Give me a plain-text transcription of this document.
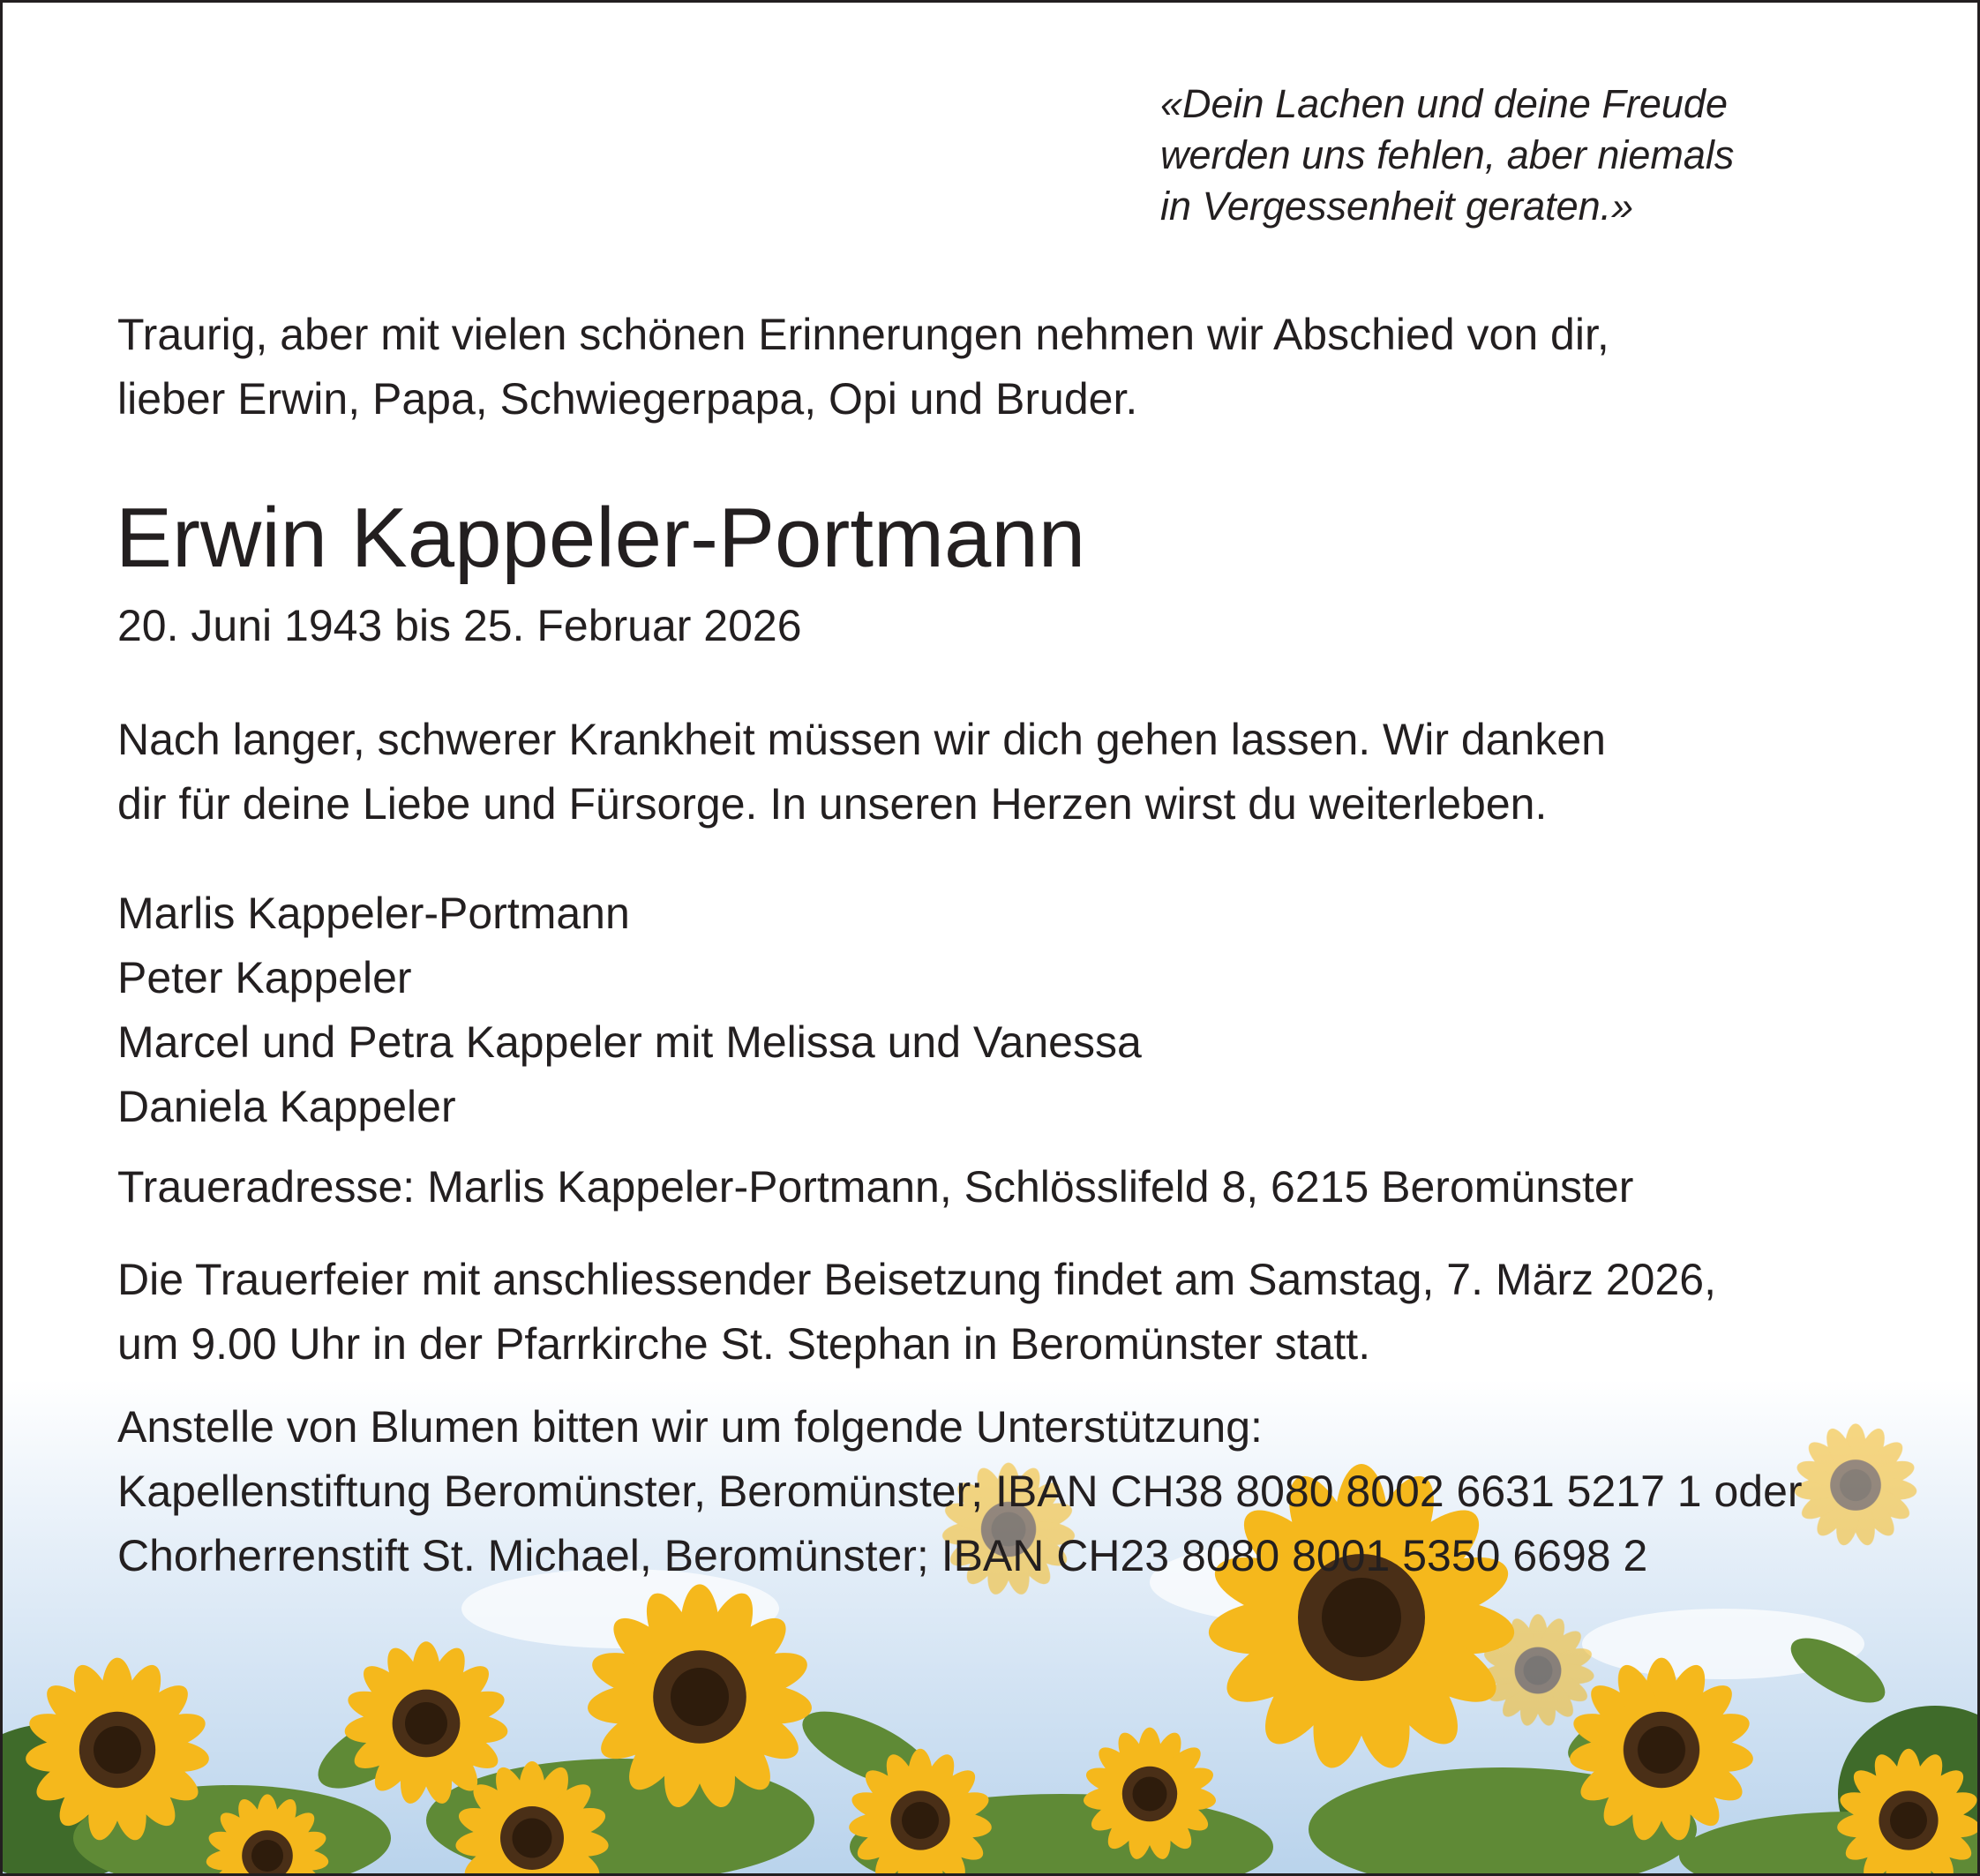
«Dein Lachen und deine Freude
werden uns fehlen, aber niemals
in Vergessenheit geraten.»
Traurig, aber mit vielen schönen Erinnerungen nehmen wir Abschied von dir,
lieber Erwin, Papa, Schwiegerpapa, Opi und Bruder.
Erwin Kappeler-Portmann
20. Juni 1943 bis 25. Februar 2026
Nach langer, schwerer Krankheit müssen wir dich gehen lassen. Wir danken
dir für deine Liebe und Fürsorge. In unseren Herzen wirst du weiterleben.
Marlis Kappeler-Portmann
Peter Kappeler
Marcel und Petra Kappeler mit Melissa und Vanessa
Daniela Kappeler
Traueradresse: Marlis Kappeler-Portmann, Schlösslifeld 8, 6215 Beromünster
Die Trauerfeier mit anschliessender Beisetzung findet am Samstag, 7. März 2026,
um 9.00 Uhr in der Pfarrkirche St. Stephan in Beromünster statt.
Anstelle von Blumen bitten wir um folgende Unterstützung:
Kapellenstiftung Beromünster, Beromünster; IBAN CH38 8080 8002 6631 5217 1 oder
Chorherrenstift St. Michael, Beromünster; IBAN CH23 8080 8001 5350 6698 2
